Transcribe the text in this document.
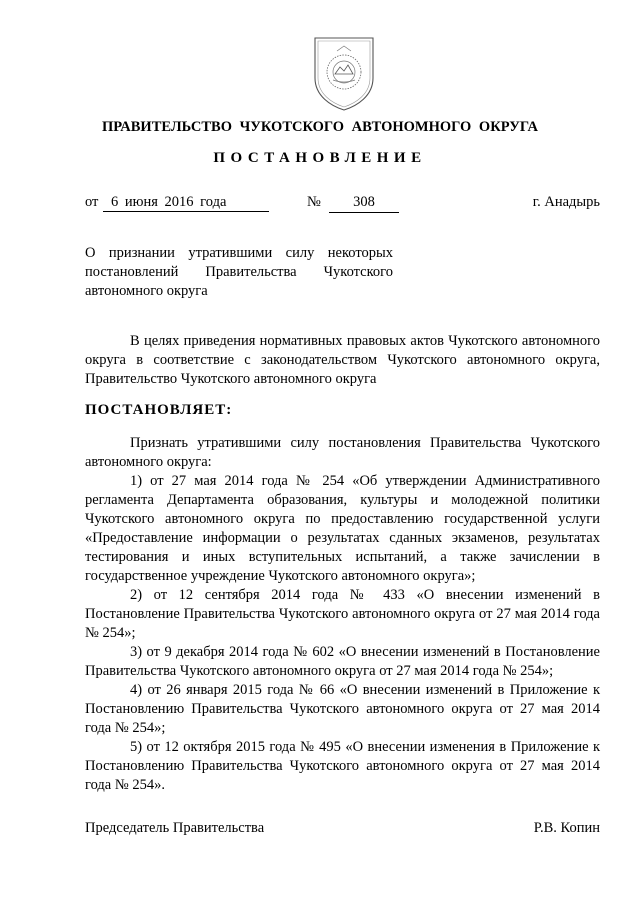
ПРАВИТЕЛЬСТВО ЧУКОТСКОГО АВТОНОМНОГО ОКРУГА
ПОСТАНОВЛЕНИЕ
от 6 июня 2016 года	№	308	г. Анадырь
О признании утратившими силу некоторых постановлений Правительства Чукотского автономного округа

В целях приведения нормативных правовых актов Чукотского автономного округа в соответствие с законодательством Чукотского автономного округа, Правительство Чукотского автономного округа

ПОСТАНОВЛЯЕТ:

Признать утратившими силу постановления Правительства Чукотского автономного округа:

1) от 27 мая 2014 года № 254 «Об утверждении Административного регламента Департамента образования, культуры и молодежной политики Чукотского автономного округа по предоставлению государственной услуги «Предоставление информации о результатах сданных экзаменов, результатах тестирования и иных вступительных испытаний, а также зачислении в государственное учреждение Чукотского автономного округа»;

2) от 12 сентября 2014 года № 433 «О внесении изменений в Постановление Правительства Чукотского автономного округа от 27 мая 2014 года № 254»;

3) от 9 декабря 2014 года № 602 «О внесении изменений в Постановление Правительства Чукотского автономного округа от 27 мая 2014 года № 254»;

4) от 26 января 2015 года № 66 «О внесении изменений в Приложение к Постановлению Правительства Чукотского автономного округа от 27 мая 2014 года № 254»;

5) от 12 октября 2015 года № 495 «О внесении изменения в Приложение к Постановлению Правительства Чукотского автономного округа от 27 мая 2014 года № 254».

Председатель Правительства	Р.В. Копин
